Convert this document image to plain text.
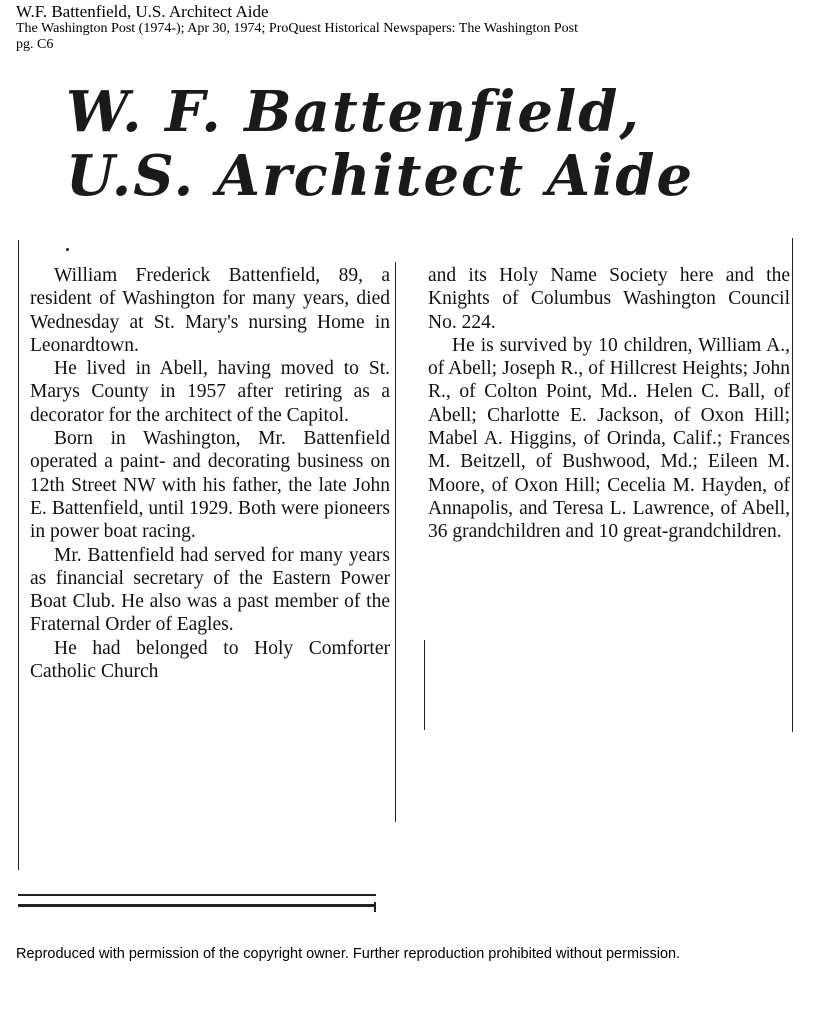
W.F. Battenfield, U.S. Architect Aide
The Washington Post (1974-); Apr 30, 1974; ProQuest Historical Newspapers: The Washington Post
pg. C6
W. F. Battenfield,
U.S. Architect Aide

William Frederick Battenfield, 89, a resident of Washington for many years, died Wednesday at St. Mary's nursing Home in Leonardtown.

He lived in Abell, having moved to St. Marys County in 1957 after retiring as a decorator for the architect of the Capitol.

Born in Washington, Mr. Battenfield operated a paint- and decorating business on 12th Street NW with his father, the late John E. Battenfield, until 1929. Both were pioneers in power boat racing.

Mr. Battenfield had served for many years as financial secretary of the Eastern Power Boat Club. He also was a past member of the Fraternal Order of Eagles.

He had belonged to Holy Comforter Catholic Church

and its Holy Name Society here and the Knights of Columbus Washington Council No. 224.

He is survived by 10 children, William A., of Abell; Joseph R., of Hillcrest Heights; John R., of Colton Point, Md.. Helen C. Ball, of Abell; Charlotte E. Jackson, of Oxon Hill; Mabel A. Higgins, of Orinda, Calif.; Frances M. Beitzell, of Bushwood, Md.; Eileen M. Moore, of Oxon Hill; Cecelia M. Hayden, of Annapolis, and Teresa L. Lawrence, of Abell, 36 grandchildren and 10 great-grandchildren.

Reproduced with permission of the copyright owner. Further reproduction prohibited without permission.
